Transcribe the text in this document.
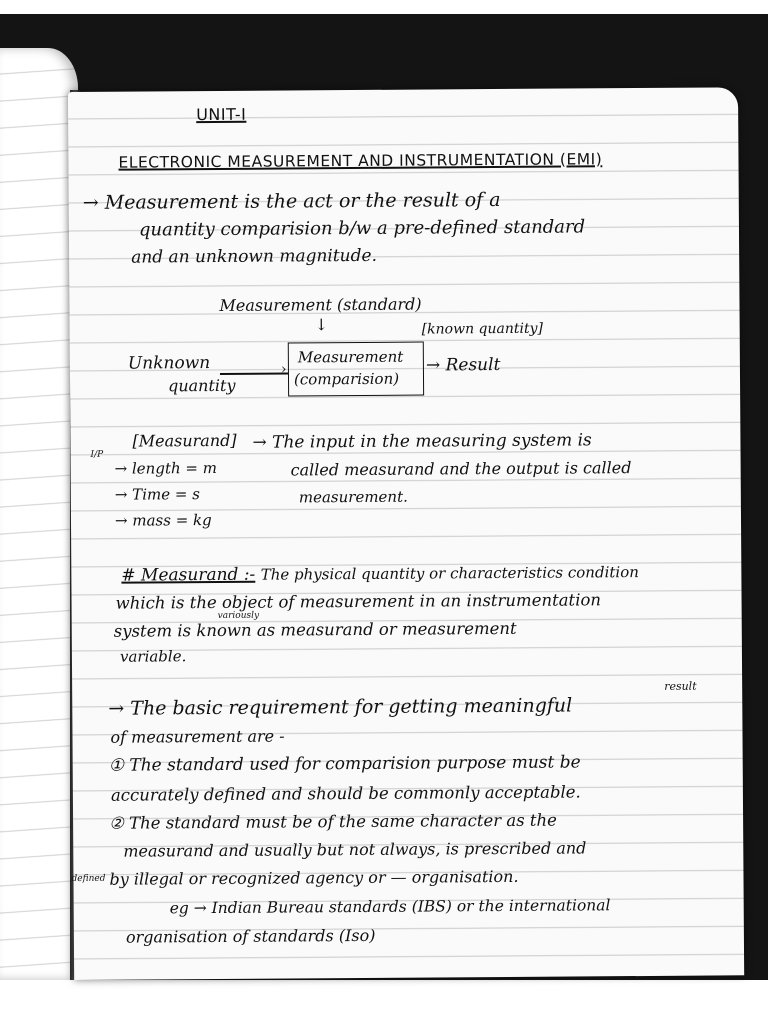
UNIT-I
ELECTRONIC MEASUREMENT AND INSTRUMENTATION (EMI)
→ Measurement is the act or the result of a
quantity comparision b/w a pre-defined standard
and an unknown magnitude.
Measurement (standard)
↓	[known quantity]
Unknown
quantity
›
Measurement
(comparision)
→ Result
I/P
[Measurand] → The input in the measuring system is
called measurand and the output is called
measurement.
→ length = m
→ Time = s
→ mass = kg
# Measurand :- The physical quantity or characteristics condition
which is the object of measurement in an instrumentation
variously
system is known as measurand or measurement
variable.
result
→ The basic requirement for getting meaningful
of measurement are -
① The standard used for comparision purpose must be
accurately defined and should be commonly acceptable.
② The standard must be of the same character as the
measurand and usually but not always, is prescribed and
defined by illegal or recognized agency or — organisation.
eg → Indian Bureau standards (IBS) or the international
organisation of standards (Iso)
